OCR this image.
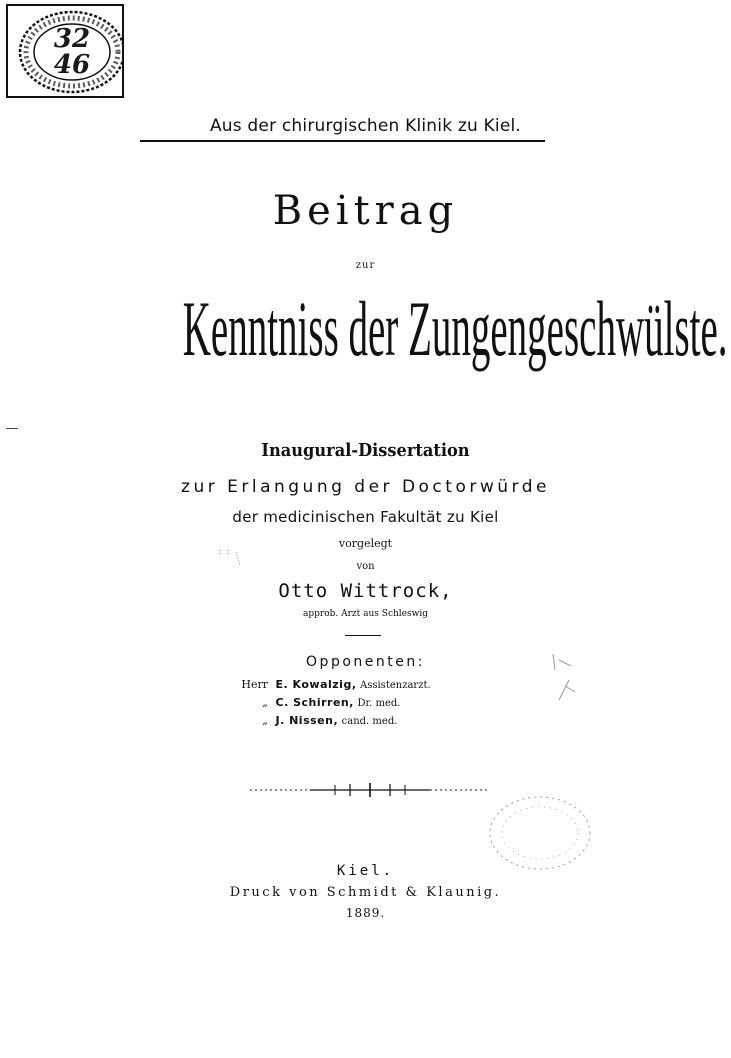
32 46
Aus der chirurgischen Klinik zu Kiel.
Beitrag
zur
Kenntniss der Zungengeschwülste.
Inaugural-Dissertation
zur Erlangung der Doctorwürde
der medicinischen Fakultät zu Kiel
vorgelegt
von
Otto Wittrock,
approb. Arzt aus Schleswig
Opponenten:
Herr E. Kowalzig, Assistenzarzt.
„ C. Schirren, Dr. med.
„ J. Nissen, cand. med.
Kiel.
Druck von Schmidt & Klaunig.
1889.
